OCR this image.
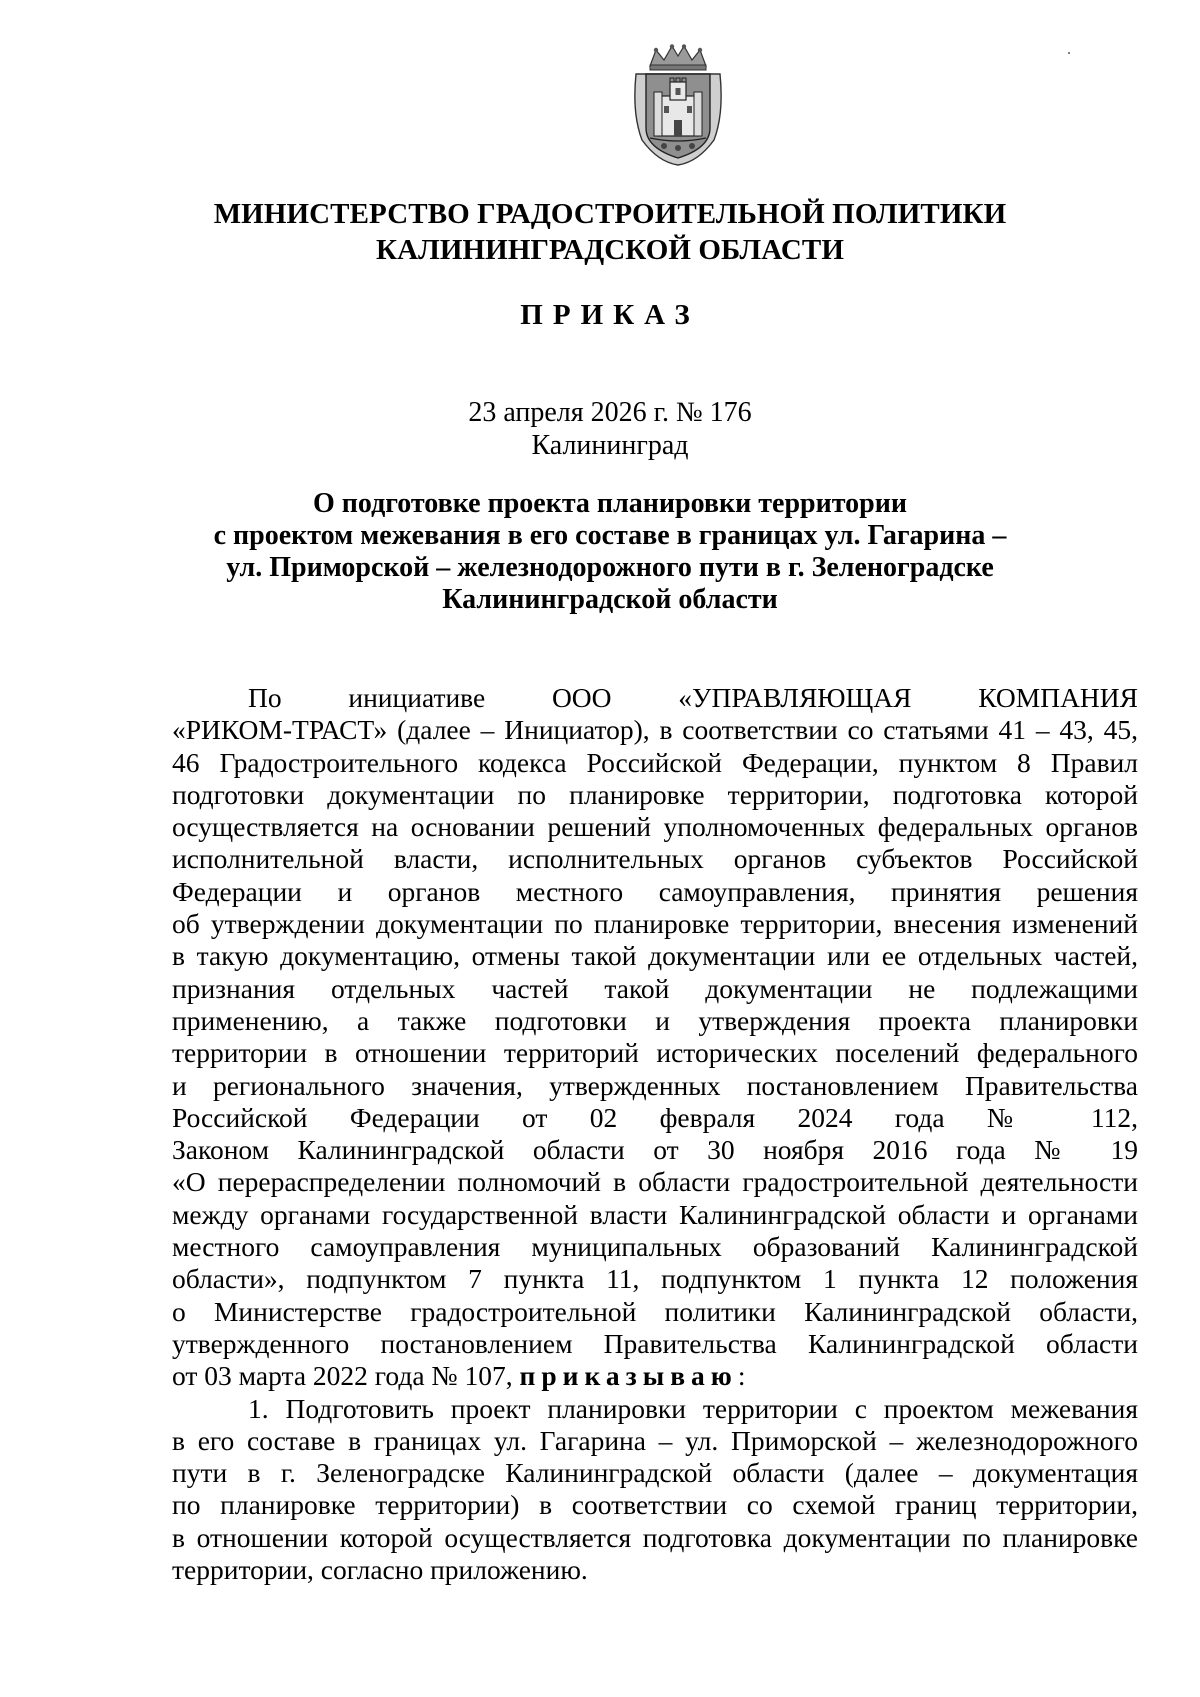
МИНИСТЕРСТВО ГРАДОСТРОИТЕЛЬНОЙ ПОЛИТИКИ
КАЛИНИНГРАДСКОЙ ОБЛАСТИ
ПРИКАЗ
23 апреля 2026 г. № 176
Калининград
О подготовке проекта планировки территории
с проектом межевания в его составе в границах ул. Гагарина –
ул. Приморской – железнодорожного пути в г. Зеленоградске
Калининградской области
По инициативе ООО «УПРАВЛЯЮЩАЯ КОМПАНИЯ
«РИКОМ-ТРАСТ» (далее – Инициатор), в соответствии со статьями 41 – 43, 45,
46 Градостроительного кодекса Российской Федерации, пунктом 8 Правил
подготовки документации по планировке территории, подготовка которой
осуществляется на основании решений уполномоченных федеральных органов
исполнительной власти, исполнительных органов субъектов Российской
Федерации и органов местного самоуправления, принятия решения
об утверждении документации по планировке территории, внесения изменений
в такую документацию, отмены такой документации или ее отдельных частей,
признания отдельных частей такой документации не подлежащими
применению, а также подготовки и утверждения проекта планировки
территории в отношении территорий исторических поселений федерального
и регионального значения, утвержденных постановлением Правительства
Российской Федерации от 02 февраля 2024 года № 112,
Законом Калининградской области от 30 ноября 2016 года № 19
«О перераспределении полномочий в области градостроительной деятельности
между органами государственной власти Калининградской области и органами
местного самоуправления муниципальных образований Калининградской
области», подпунктом 7 пункта 11, подпунктом 1 пункта 12 положения
о Министерстве градостроительной политики Калининградской области,
утвержденного постановлением Правительства Калининградской области
от 03 марта 2022 года № 107, приказываю:
1. Подготовить проект планировки территории с проектом межевания
в его составе в границах ул. Гагарина – ул. Приморской – железнодорожного
пути в г. Зеленоградске Калининградской области (далее – документация
по планировке территории) в соответствии со схемой границ территории,
в отношении которой осуществляется подготовка документации по планировке
территории, согласно приложению.
